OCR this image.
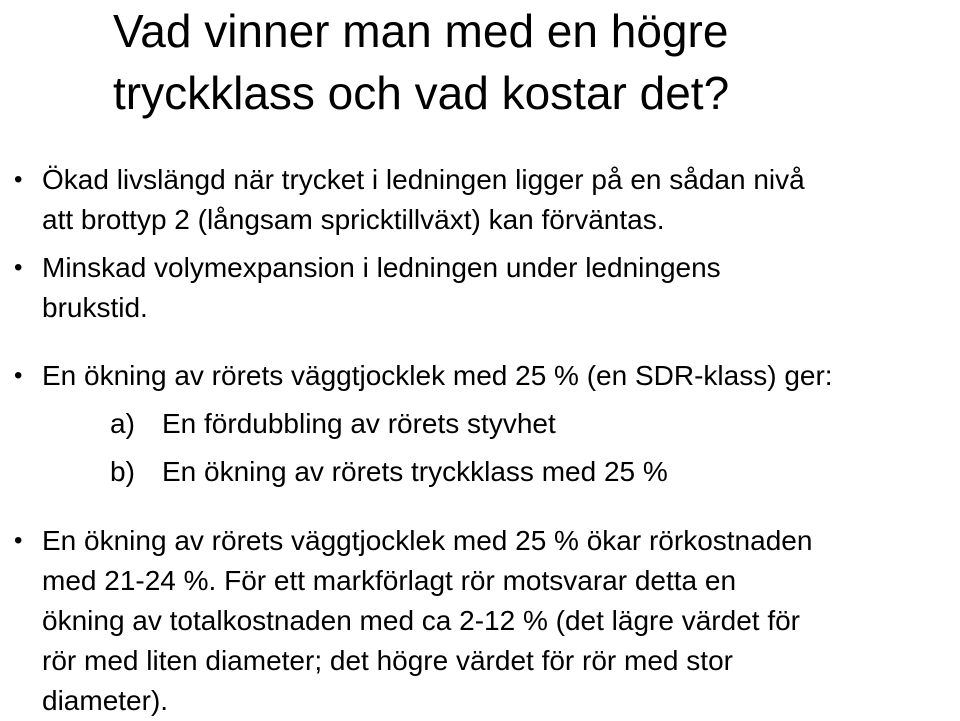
Vad vinner man med en högre
tryckklass och vad kostar det?
• Ökad livslängd när trycket i ledningen ligger på en sådan nivå
att brottyp 2 (långsam spricktillväxt) kan förväntas.
• Minskad volymexpansion i ledningen under ledningens
brukstid.
• En ökning av rörets väggtjocklek med 25 % (en SDR-klass) ger:
a) En fördubbling av rörets styvhet
b) En ökning av rörets tryckklass med 25 %
• En ökning av rörets väggtjocklek med 25 % ökar rörkostnaden
med 21-24 %. För ett markförlagt rör motsvarar detta en
ökning av totalkostnaden med ca 2-12 % (det lägre värdet för
rör med liten diameter; det högre värdet för rör med stor
diameter).
